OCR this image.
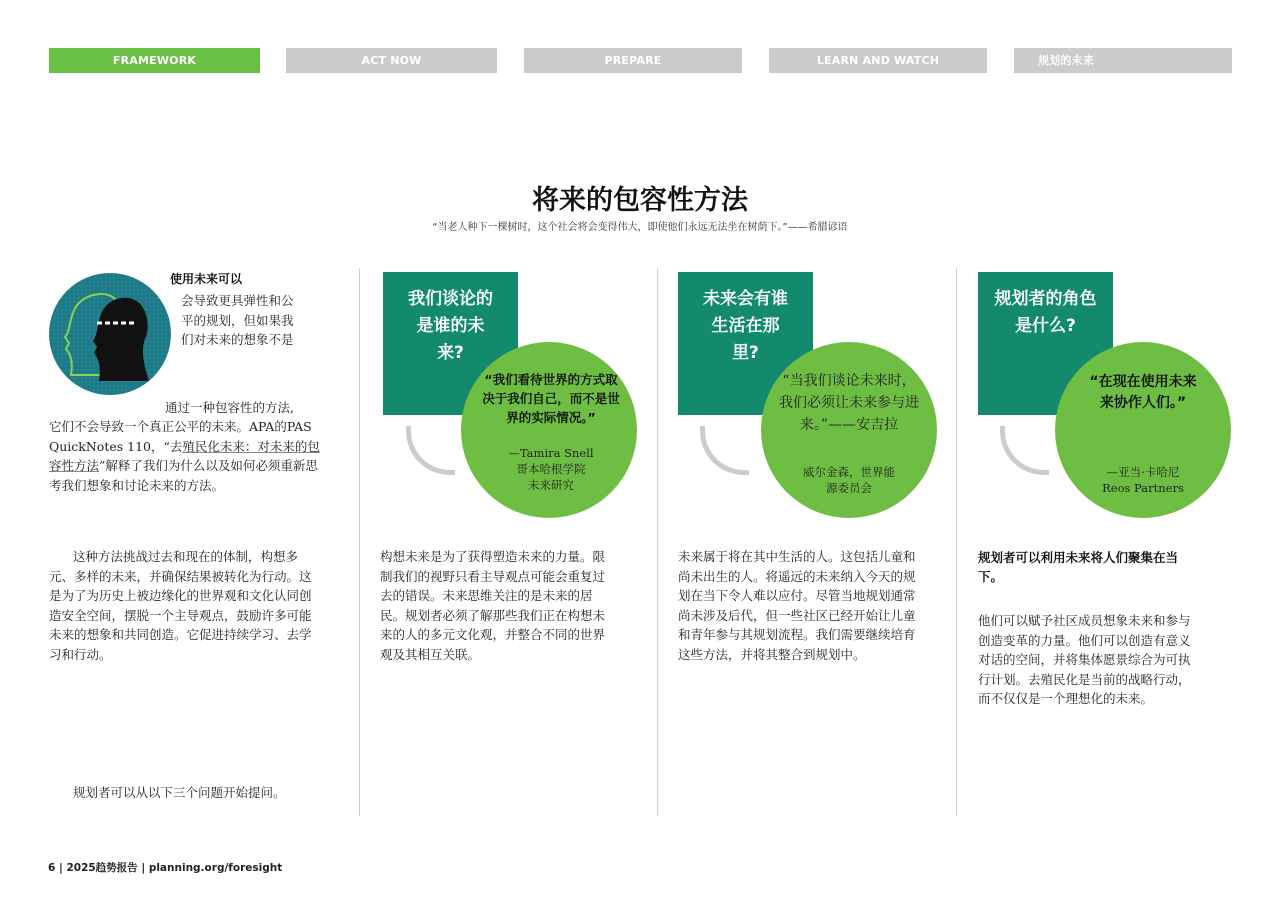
FRAMEWORK	ACT NOW	PREPARE	LEARN AND WATCH	规划的未来
将来的包容性方法
“当老人种下一棵树时，这个社会将会变得伟大，即使他们永远无法坐在树荫下。”——希腊谚语
使用未来可以
会导致更具弹性和公
平的规划，但如果我
们对未来的想象不是
通过一种包容性的方法,
它们不会导致一个真正公平的未来。APA的PAS QuickNotes 110，“去殖民化未来：对未来的包容性方法”解释了我们为什么以及如何必须重新思考我们想象和讨论未来的方法。
这种方法挑战过去和现在的体制，构想多元、多样的未来，并确保结果被转化为行动。这是为了为历史上被边缘化的世界观和文化认同创造安全空间，摆脱一个主导观点，鼓励许多可能未来的想象和共同创造。它促进持续学习、去学习和行动。
规划者可以从以下三个问题开始提问。
我们谈论的是谁的未来?
“我们看待世界的方式取决于我们自己，而不是世界的实际情况。”
—Tamira Snell
哥本哈根学院未来研究
构想未来是为了获得塑造未来的力量。限制我们的视野只看主导观点可能会重复过去的错误。未来思维关注的是未来的居民。规划者必须了解那些我们正在构想未来的人的多元文化观，并整合不同的世界观及其相互关联。
未来会有谁生活在那里?
“当我们谈论未来时，我们必须让未来参与进来。”——安吉拉
威尔金森，世界能源委员会
未来属于将在其中生活的人。这包括儿童和尚未出生的人。将遥远的未来纳入今天的规划在当下令人难以应付。尽管当地规划通常尚未涉及后代，但一些社区已经开始让儿童和青年参与其规划流程。我们需要继续培育这些方法，并将其整合到规划中。
规划者的角色是什么?
“在现在使用未来来协作人们。”
—亚当·卡哈尼
Reos Partners
规划者可以利用未来将人们聚集在当下。
他们可以赋予社区成员想象未来和参与创造变革的力量。他们可以创造有意义对话的空间，并将集体愿景综合为可执行计划。去殖民化是当前的战略行动，而不仅仅是一个理想化的未来。
6 | 2025趋势报告 | planning.org/foresight
